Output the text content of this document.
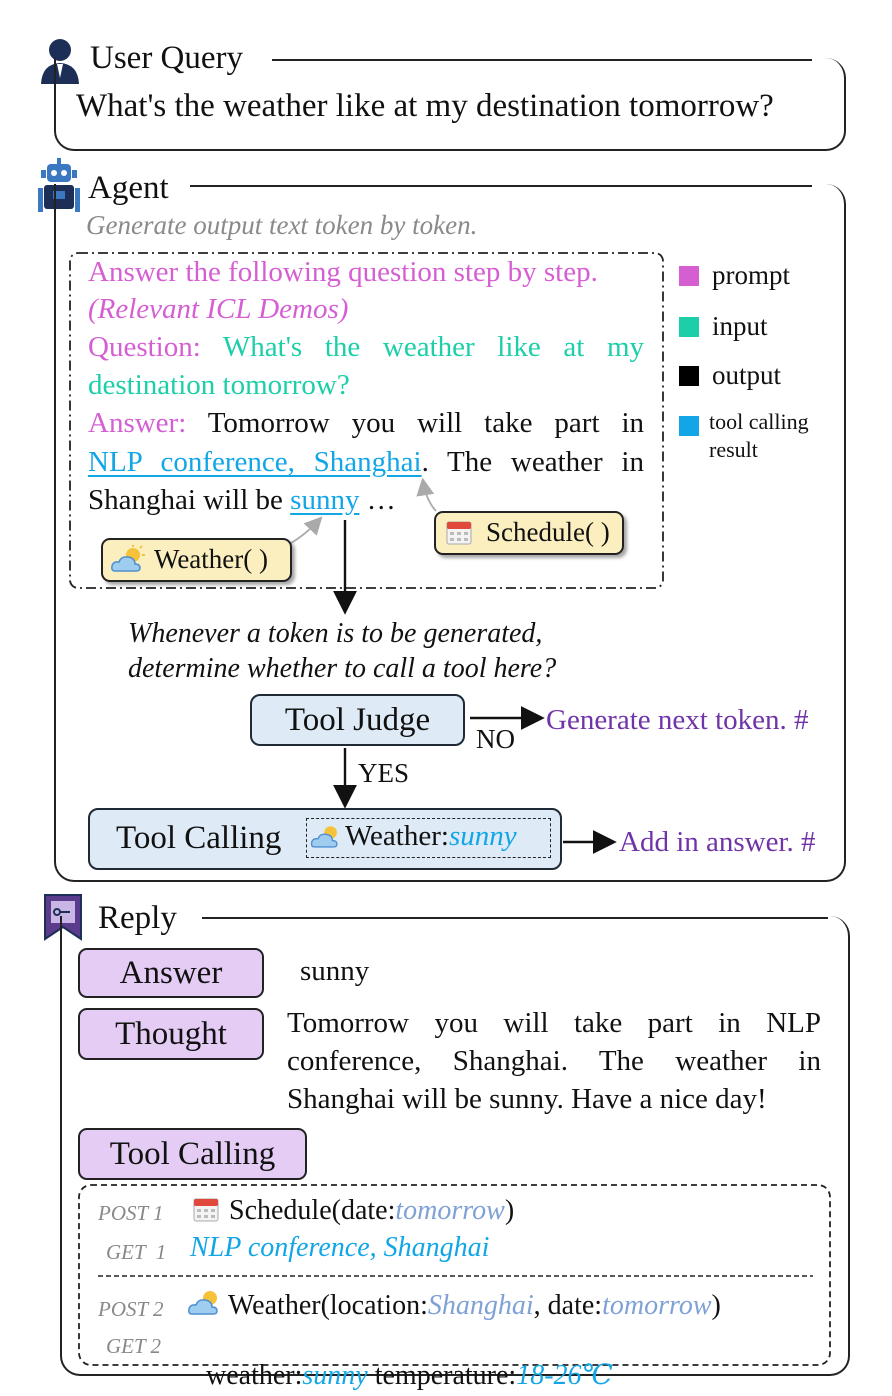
User Query
What's the weather like at my destination tomorrow?
Agent
Generate output text token by token.
Answer the following question step by step.
(Relevant ICL Demos)
Question: What's the weather like at my
destination tomorrow?
Answer: Tomorrow you will take part in
NLP conference, Shanghai. The weather in
Shanghai will be sunny …
Schedule( )
Weather( )
prompt
input
output
tool calling
result
Whenever a token is to be generated,
determine whether to call a tool here?
Tool Judge
NO
Generate next token. #
YES
Tool Calling Weather:sunny	Add in answer. #
Reply
Answer	sunny
Thought	Tomorrow you will take part in NLP
conference, Shanghai. The weather in
Shanghai will be sunny. Have a nice day!
Tool Calling
POST 1 Schedule(date:tomorrow)
GET  1 NLP conference, Shanghai
POST 2 Weather(location:Shanghai, date:tomorrow)
GET 2

weather:sunny temperature:18-26℃
